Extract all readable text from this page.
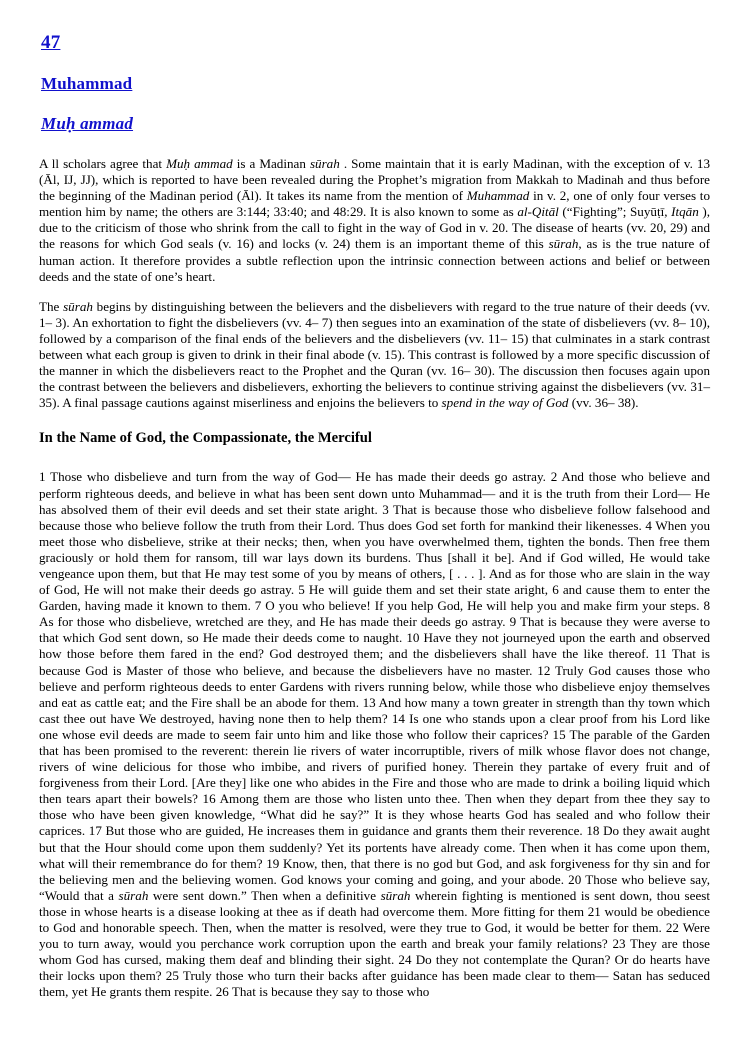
47
Muhammad
Muḥ ammad

A ll scholars agree that Muḥ ammad is a Madinan sūrah . Some maintain that it is early Madinan, with the exception of v. 13 (Āl, IJ, JJ), which is reported to have been revealed during the Prophet’s migration from Makkah to Madinah and thus before the beginning of the Madinan period (Āl). It takes its name from the mention of Muhammad in v. 2, one of only four verses to mention him by name; the others are 3:144; 33:40; and 48:29. It is also known to some as al-Qitāl (“Fighting”; Suyūṭī, Itqān ), due to the criticism of those who shrink from the call to fight in the way of God in v. 20. The disease of hearts (vv. 20, 29) and the reasons for which God seals (v. 16) and locks (v. 24) them is an important theme of this sūrah, as is the true nature of human action. It therefore provides a subtle reflection upon the intrinsic connection between actions and belief or between deeds and the state of one’s heart.

The sūrah begins by distinguishing between the believers and the disbelievers with regard to the true nature of their deeds (vv. 1– 3). An exhortation to fight the disbelievers (vv. 4– 7) then segues into an examination of the state of disbelievers (vv. 8– 10), followed by a comparison of the final ends of the believers and the disbelievers (vv. 11– 15) that culminates in a stark contrast between what each group is given to drink in their final abode (v. 15). This contrast is followed by a more specific discussion of the manner in which the disbelievers react to the Prophet and the Quran (vv. 16– 30). The discussion then focuses again upon the contrast between the believers and disbelievers, exhorting the believers to continue striving against the disbelievers (vv. 31– 35). A final passage cautions against miserliness and enjoins the believers to spend in the way of God (vv. 36– 38).

In the Name of God, the Compassionate, the Merciful

1 Those who disbelieve and turn from the way of God— He has made their deeds go astray. 2 And those who believe and perform righteous deeds, and believe in what has been sent down unto Muhammad— and it is the truth from their Lord— He has absolved them of their evil deeds and set their state aright. 3 That is because those who disbelieve follow falsehood and because those who believe follow the truth from their Lord. Thus does God set forth for mankind their likenesses. 4 When you meet those who disbelieve, strike at their necks; then, when you have overwhelmed them, tighten the bonds. Then free them graciously or hold them for ransom, till war lays down its burdens. Thus [shall it be]. And if God willed, He would take vengeance upon them, but that He may test some of you by means of others, [ . . . ]. And as for those who are slain in the way of God, He will not make their deeds go astray. 5 He will guide them and set their state aright, 6 and cause them to enter the Garden, having made it known to them. 7 O you who believe! If you help God, He will help you and make firm your steps. 8 As for those who disbelieve, wretched are they, and He has made their deeds go astray. 9 That is because they were averse to that which God sent down, so He made their deeds come to naught. 10 Have they not journeyed upon the earth and observed how those before them fared in the end? God destroyed them; and the disbelievers shall have the like thereof. 11 That is because God is Master of those who believe, and because the disbelievers have no master. 12 Truly God causes those who believe and perform righteous deeds to enter Gardens with rivers running below, while those who disbelieve enjoy themselves and eat as cattle eat; and the Fire shall be an abode for them. 13 And how many a town greater in strength than thy town which cast thee out have We destroyed, having none then to help them? 14 Is one who stands upon a clear proof from his Lord like one whose evil deeds are made to seem fair unto him and like those who follow their caprices? 15 The parable of the Garden that has been promised to the reverent: therein lie rivers of water incorruptible, rivers of milk whose flavor does not change, rivers of wine delicious for those who imbibe, and rivers of purified honey. Therein they partake of every fruit and of forgiveness from their Lord. [Are they] like one who abides in the Fire and those who are made to drink a boiling liquid which then tears apart their bowels? 16 Among them are those who listen unto thee. Then when they depart from thee they say to those who have been given knowledge, “What did he say?” It is they whose hearts God has sealed and who follow their caprices. 17 But those who are guided, He increases them in guidance and grants them their reverence. 18 Do they await aught but that the Hour should come upon them suddenly? Yet its portents have already come. Then when it has come upon them, what will their remembrance do for them? 19 Know, then, that there is no god but God, and ask forgiveness for thy sin and for the believing men and the believing women. God knows your coming and going, and your abode. 20 Those who believe say, “Would that a sūrah were sent down.” Then when a definitive sūrah wherein fighting is mentioned is sent down, thou seest those in whose hearts is a disease looking at thee as if death had overcome them. More fitting for them 21 would be obedience to God and honorable speech. Then, when the matter is resolved, were they true to God, it would be better for them. 22 Were you to turn away, would you perchance work corruption upon the earth and break your family relations? 23 They are those whom God has cursed, making them deaf and blinding their sight. 24 Do they not contemplate the Quran? Or do hearts have their locks upon them? 25 Truly those who turn their backs after guidance has been made clear to them— Satan has seduced them, yet He grants them respite. 26 That is because they say to those who
